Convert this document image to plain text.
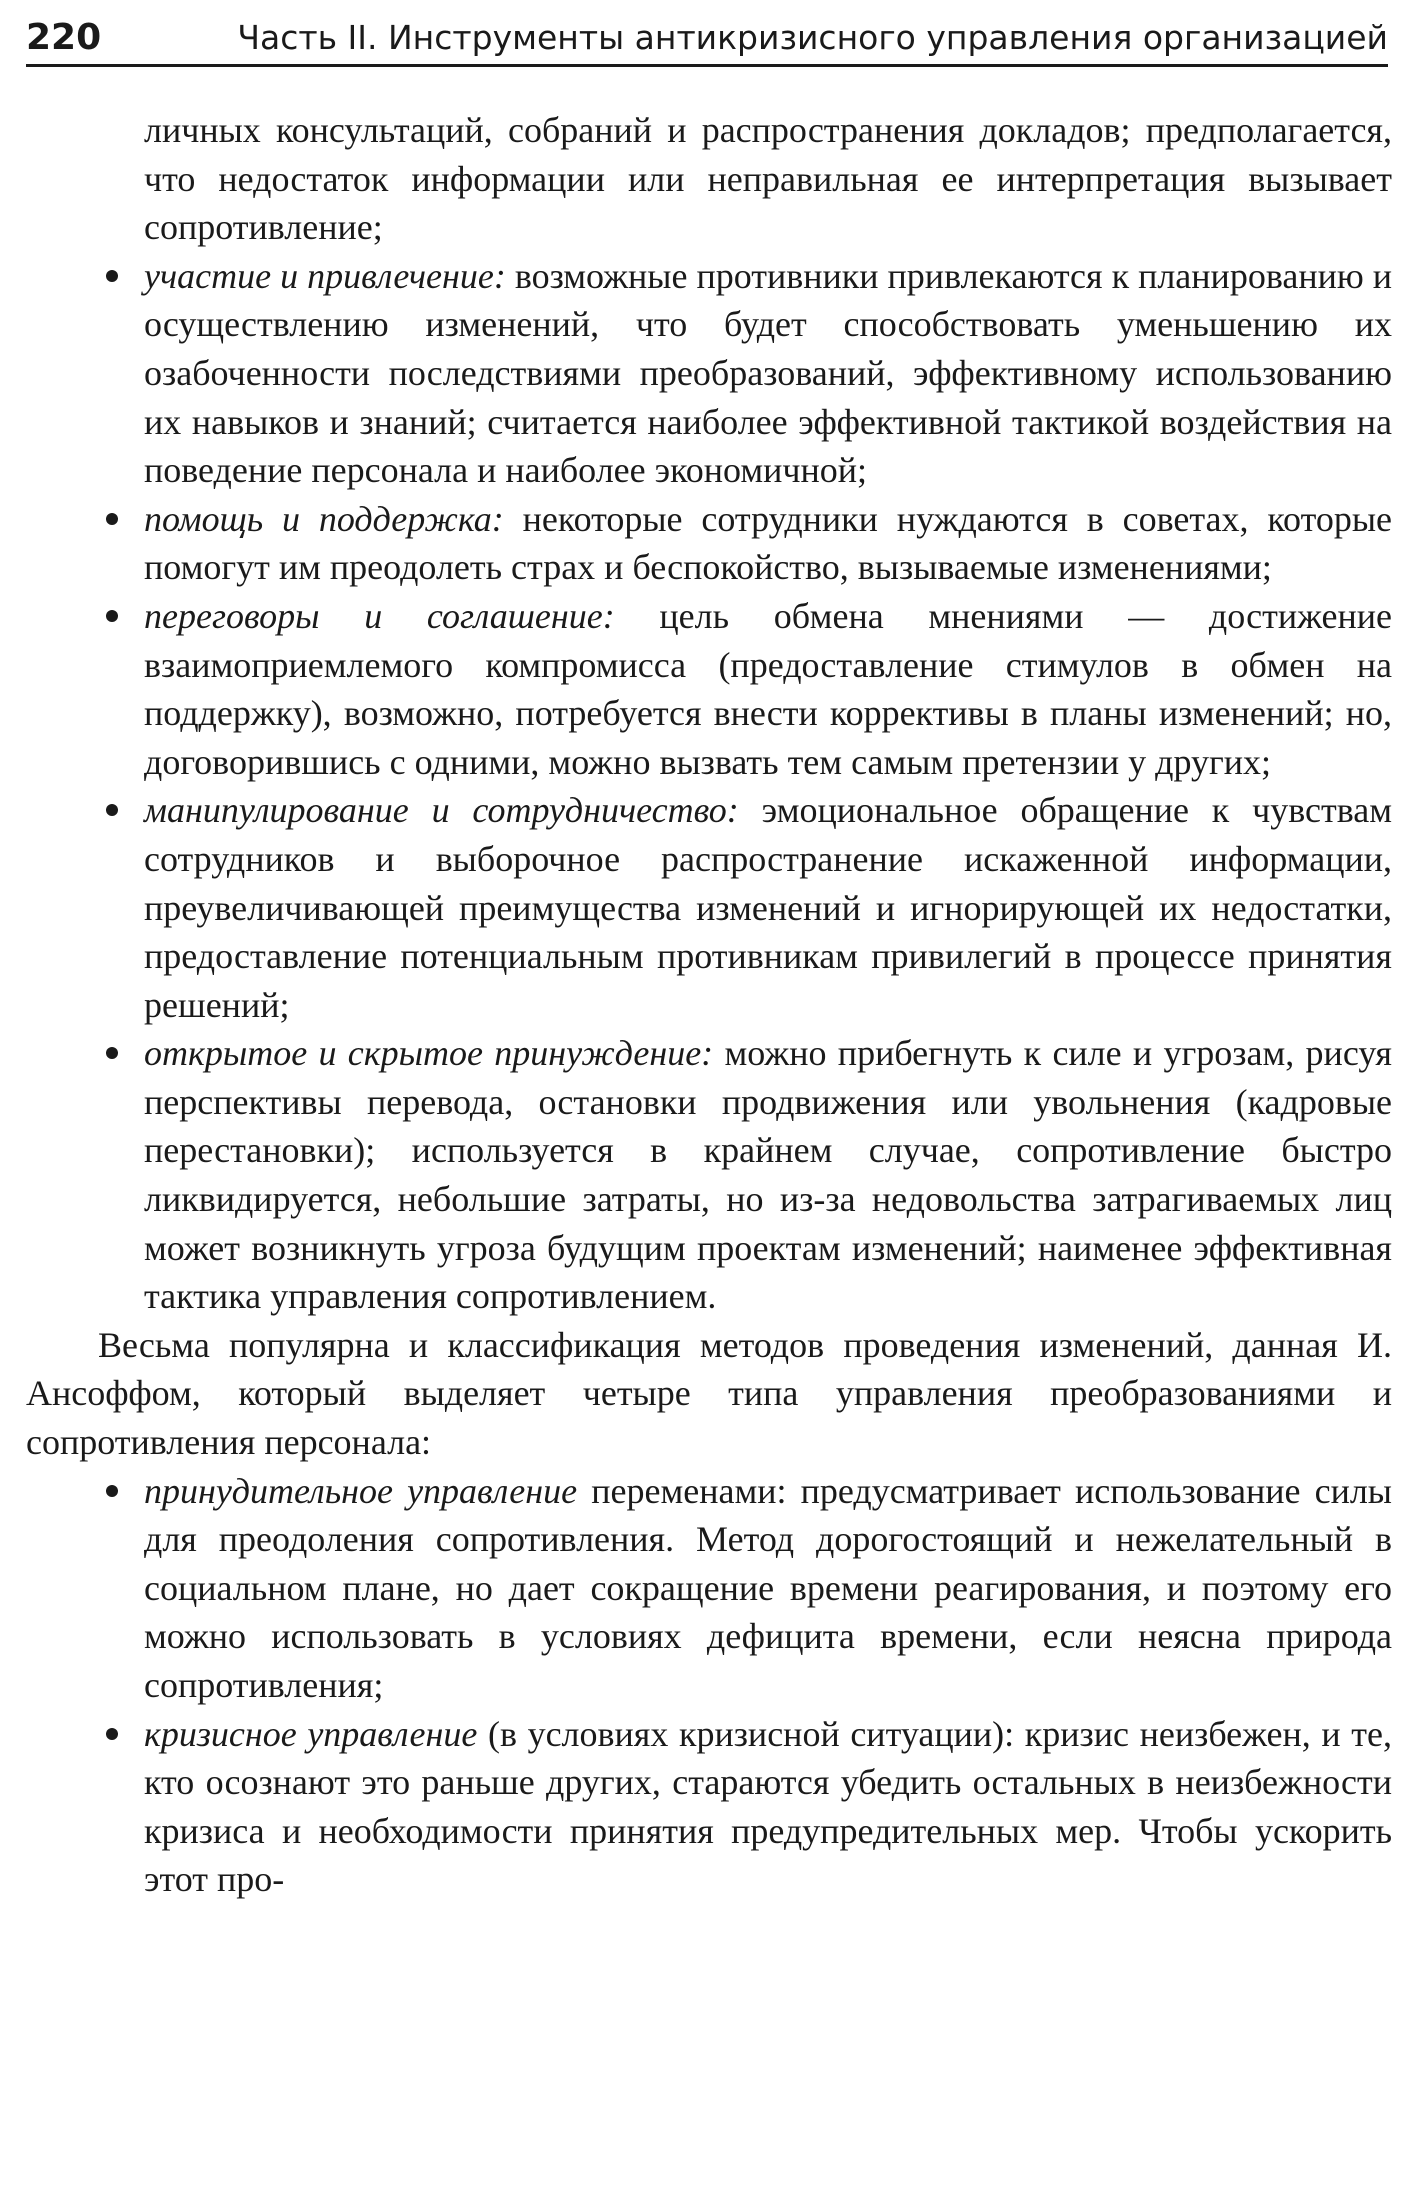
220	Часть II. Инструменты антикризисного управления организацией

личных консультаций, собраний и распространения докладов; предполагается, что недостаток информации или неправильная ее интерпретация вызывает сопротивление;

участие и привлечение: возможные противники привлекаются к планированию и осуществлению изменений, что будет способствовать уменьшению их озабоченности последствиями преобразований, эффективному использованию их навыков и знаний; считается наиболее эффективной тактикой воздействия на поведение персонала и наиболее экономичной;

помощь и поддержка: некоторые сотрудники нуждаются в советах, которые помогут им преодолеть страх и беспокойство, вызываемые изменениями;

переговоры и соглашение: цель обмена мнениями — достижение взаимоприемлемого компромисса (предоставление стимулов в обмен на поддержку), возможно, потребуется внести коррективы в планы изменений; но, договорившись с одними, можно вызвать тем самым претензии у других;

манипулирование и сотрудничество: эмоциональное обращение к чувствам сотрудников и выборочное распространение искаженной информации, преувеличивающей преимущества изменений и игнорирующей их недостатки, предоставление потенциальным противникам привилегий в процессе принятия решений;

открытое и скрытое принуждение: можно прибегнуть к силе и угрозам, рисуя перспективы перевода, остановки продвижения или увольнения (кадровые перестановки); используется в крайнем случае, сопротивление быстро ликвидируется, небольшие затраты, но из-за недовольства затрагиваемых лиц может возникнуть угроза будущим проектам изменений; наименее эффективная тактика управления сопротивлением.

Весьма популярна и классификация методов проведения изменений, данная И. Ансоффом, который выделяет четыре типа управления преобразованиями и сопротивления персонала:

принудительное управление переменами: предусматривает использование силы для преодоления сопротивления. Метод дорогостоящий и нежелательный в социальном плане, но дает сокращение времени реагирования, и поэтому его можно использовать в условиях дефицита времени, если неясна природа сопротивления;

кризисное управление (в условиях кризисной ситуации): кризис неизбежен, и те, кто осознают это раньше других, стараются убедить остальных в неизбежности кризиса и необходимости принятия предупредительных мер. Чтобы ускорить этот про-
